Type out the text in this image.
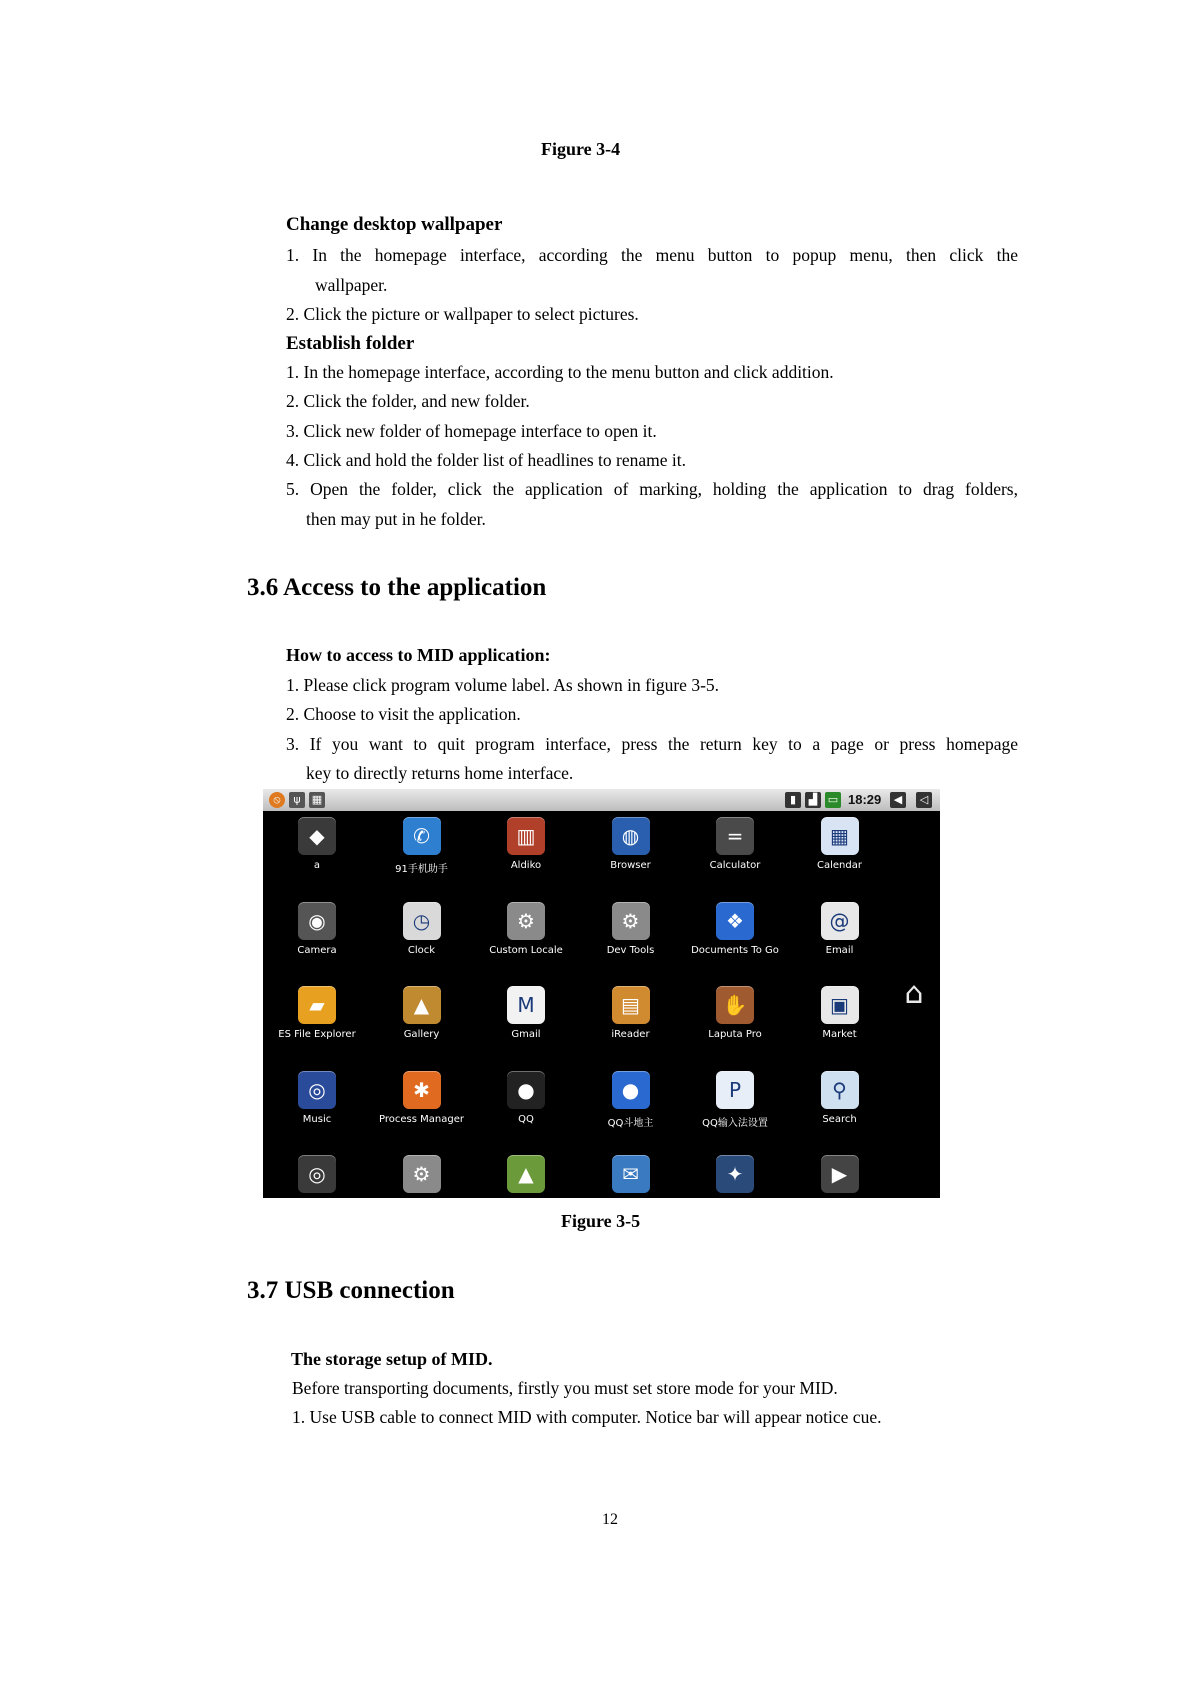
Figure 3-4
Change desktop wallpaper
1. In the homepage interface, according the menu button to popup menu, then click the
wallpaper.
2. Click the picture or wallpaper to select pictures.
Establish folder
1. In the homepage interface, according to the menu button and click addition.
2. Click the folder, and new folder.
3. Click new folder of homepage interface to open it.
4. Click and hold the folder list of headlines to rename it.
5. Open the folder, click the application of marking, holding the application to drag folders,
then may put in he folder.
3.6 Access to the application
How to access to MID application:
1. Please click program volume label. As shown in figure 3-5.
2. Choose to visit the application.
3. If you want to quit program interface, press the return key to a page or press homepage
key to directly returns home interface.
⦸	ψ	▦	▮	▟ ▭ 18:29	◀	◁
◆
a
✆
91手机助手
▥
Aldiko
◍
Browser
=
Calculator
▦
Calendar
◉
Camera
◷
Clock
⚙
Custom Locale
⚙
Dev Tools
❖
Documents To Go
@
Email
▰
ES File Explorer
▲
Gallery
M
Gmail
▤
iReader
✋
Laputa Pro
▣
Market
◎
Music
✱
Process Manager
●
QQ
●
QQ斗地主
P
QQ输入法设置
⚲
Search
◎	⚙	▲	✉	✦	▶
⌂
Figure 3-5
3.7 USB connection
The storage setup of MID.
Before transporting documents, firstly you must set store mode for your MID.
1. Use USB cable to connect MID with computer. Notice bar will appear notice cue.
12
